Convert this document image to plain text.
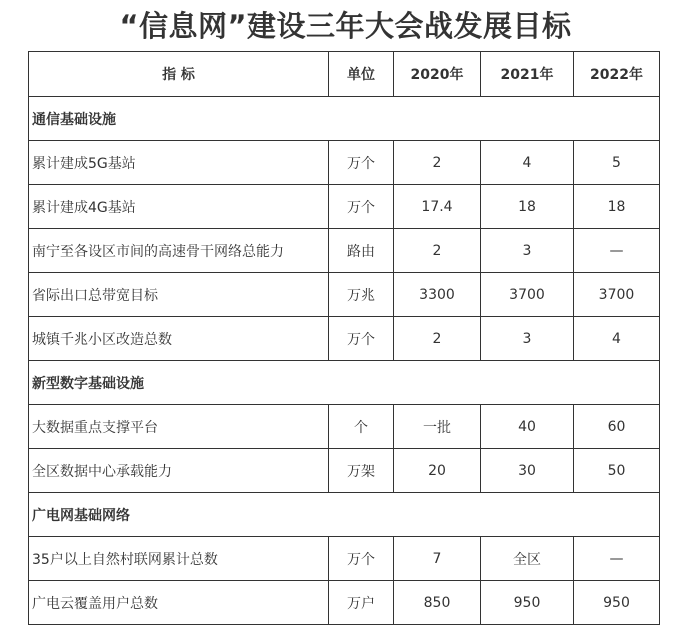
“信息网”建设三年大会战发展目标
指 标	单位	2020年	2021年	2022年
通信基础设施				
累计建成5G基站	万个	2	4	5
累计建成4G基站	万个	17.4	18	18
南宁至各设区市间的高速骨干网络总能力	路由	2	3	—
省际出口总带宽目标	万兆	3300	3700	3700
城镇千兆小区改造总数	万个	2	3	4
新型数字基础设施				
大数据重点支撑平台	个	一批	40	60
全区数据中心承载能力	万架	20	30	50
广电网基础网络				
35户以上自然村联网累计总数	万个	7	全区	—
广电云覆盖用户总数	万户	850	950	950
